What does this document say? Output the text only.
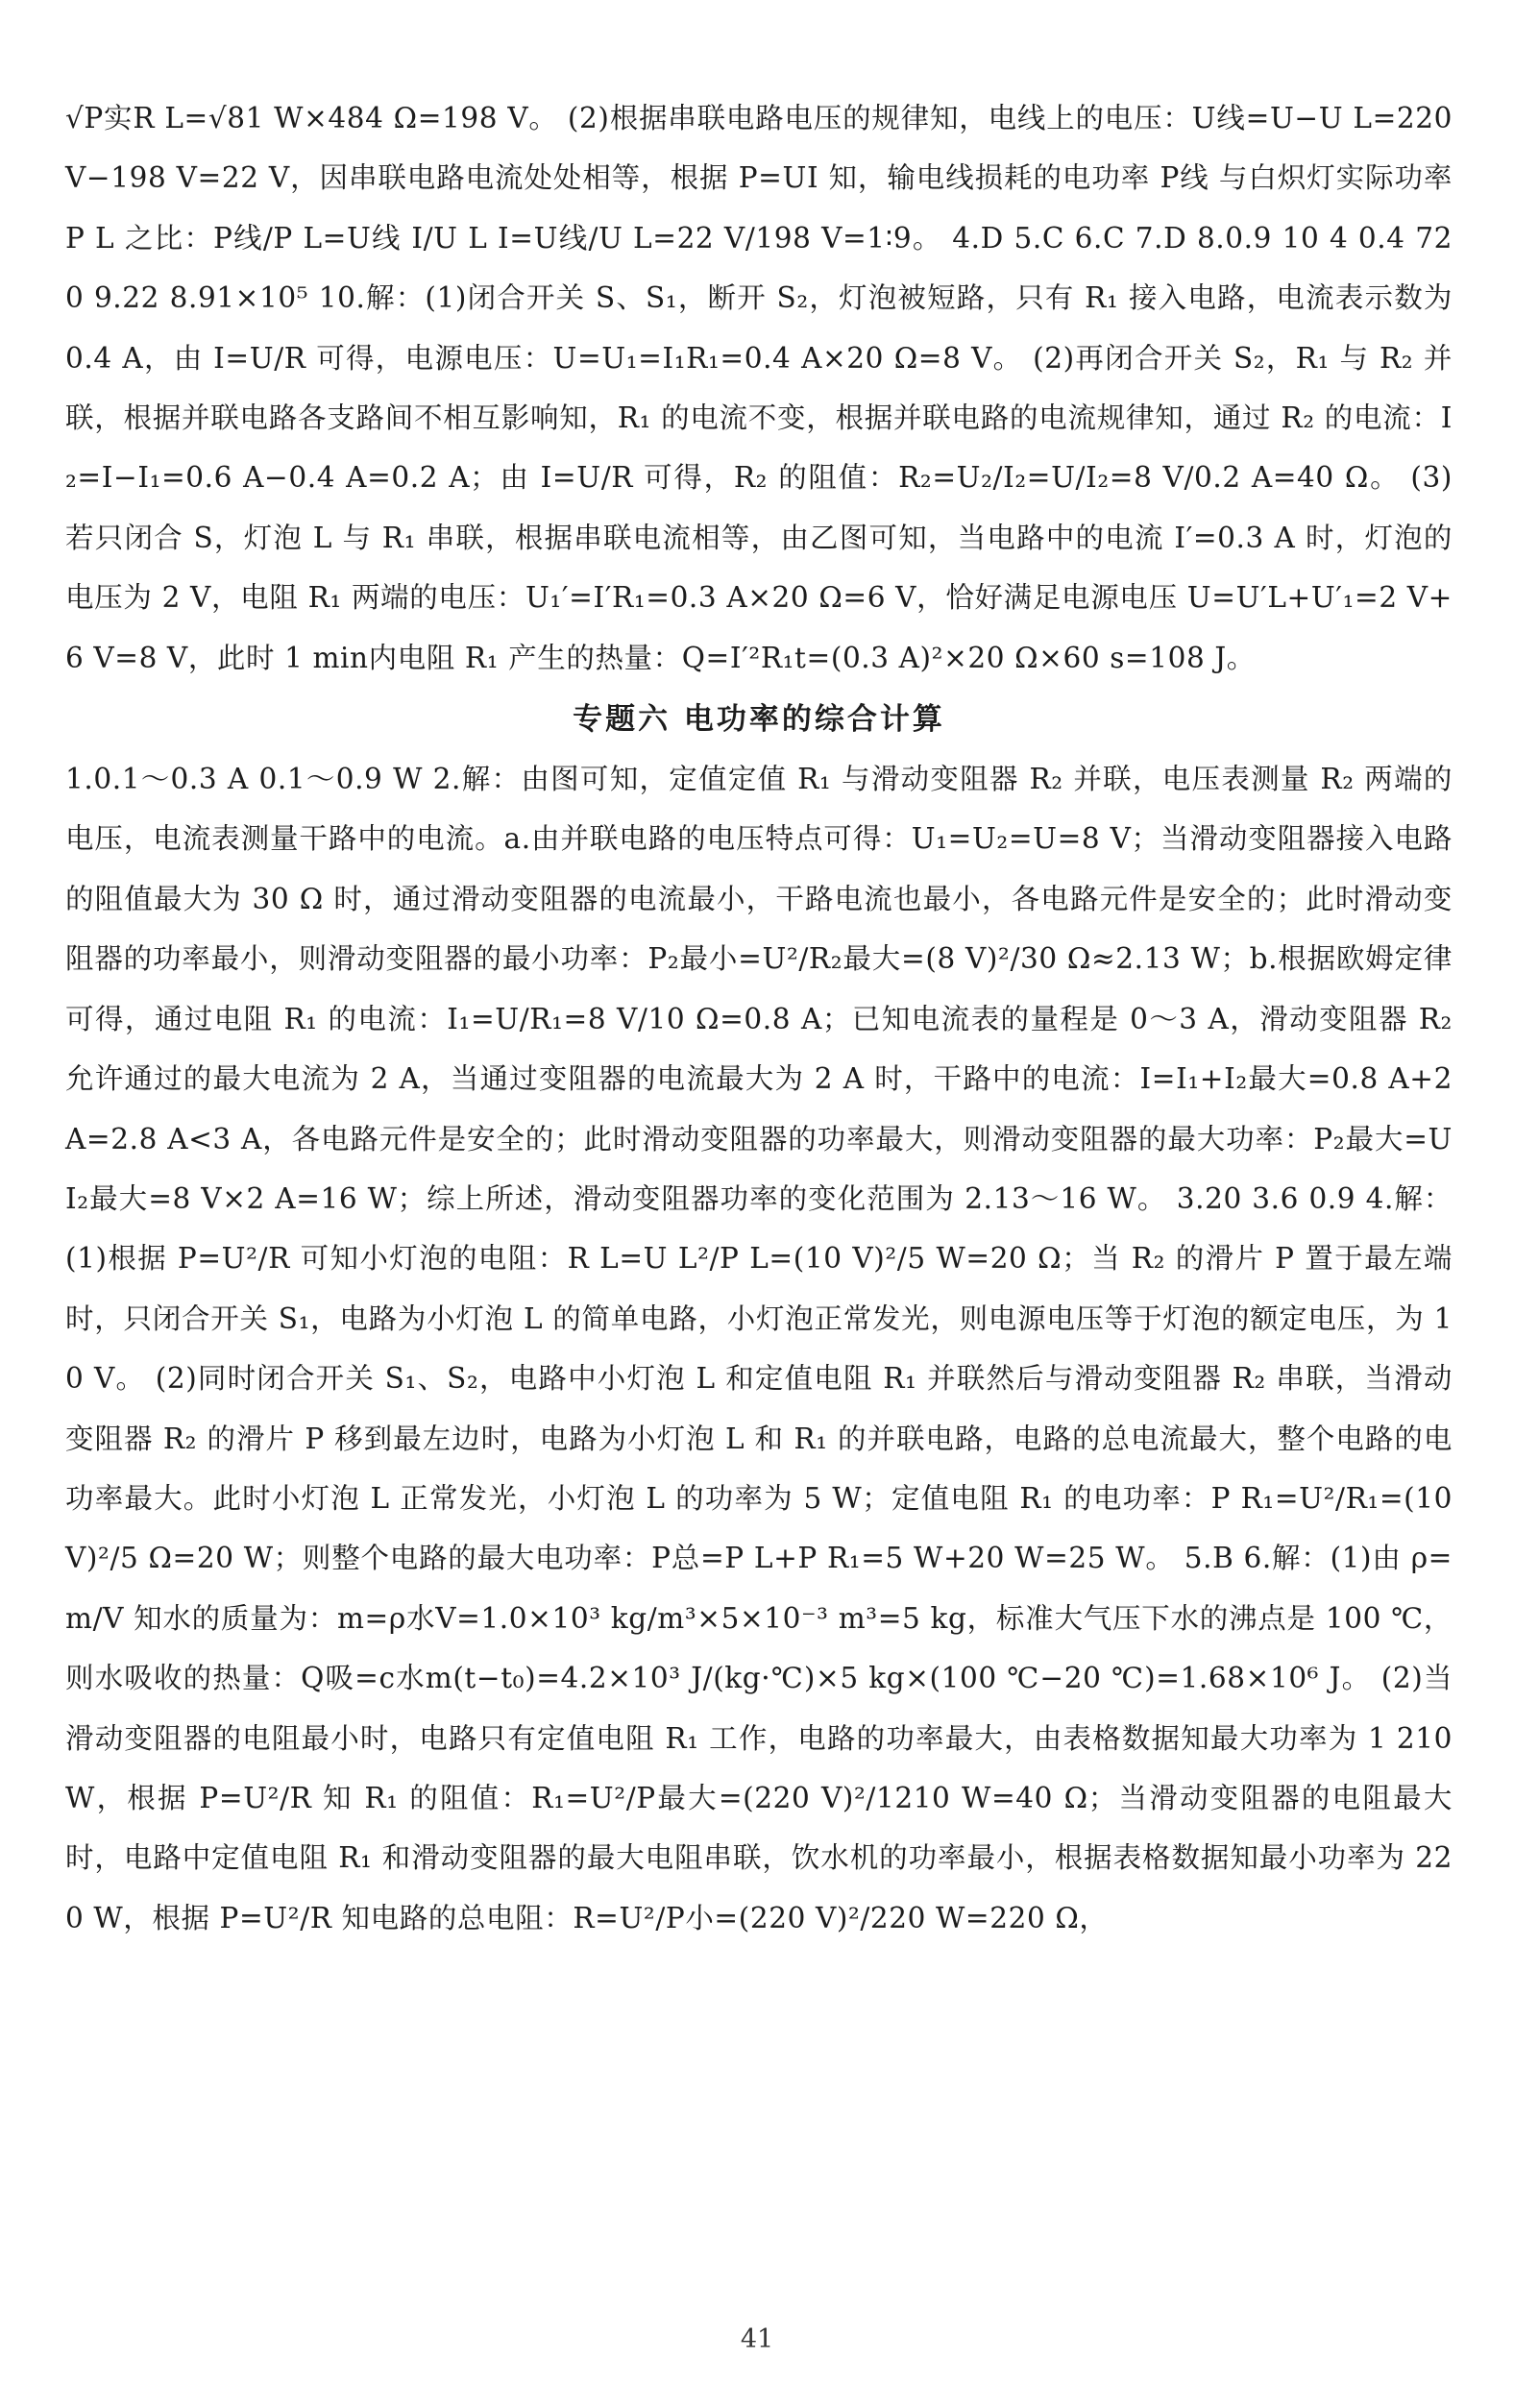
√P实R L=√81 W×484 Ω=198 V。 (2)根据串联电路电压的规律知，电线上的电压：U线=U−U L=220 V−198 V=22 V，因串联电路电流处处相等，根据 P=UI 知，输电线损耗的电功率 P线 与白炽灯实际功率 P L 之比：P线/P L=U线 I/U L I=U线/U L=22 V/198 V=1∶9。 4.D 5.C 6.C 7.D 8.0.9 10 4 0.4 720 9.22 8.91×10⁵ 10.解：(1)闭合开关 S、S₁，断开 S₂，灯泡被短路，只有 R₁ 接入电路，电流表示数为 0.4 A，由 I=U/R 可得，电源电压：U=U₁=I₁R₁=0.4 A×20 Ω=8 V。 (2)再闭合开关 S₂，R₁ 与 R₂ 并联，根据并联电路各支路间不相互影响知，R₁ 的电流不变，根据并联电路的电流规律知，通过 R₂ 的电流：I₂=I−I₁=0.6 A−0.4 A=0.2 A；由 I=U/R 可得，R₂ 的阻值：R₂=U₂/I₂=U/I₂=8 V/0.2 A=40 Ω。 (3)若只闭合 S，灯泡 L 与 R₁ 串联，根据串联电流相等，由乙图可知，当电路中的电流 I′=0.3 A 时，灯泡的电压为 2 V，电阻 R₁ 两端的电压：U₁′=I′R₁=0.3 A×20 Ω=6 V，恰好满足电源电压 U=U′L+U′₁=2 V+6 V=8 V，此时 1 min内电阻 R₁ 产生的热量：Q=I′²R₁t=(0.3 A)²×20 Ω×60 s=108 J。

专题六 电功率的综合计算

1.0.1～0.3 A 0.1～0.9 W 2.解：由图可知，定值定值 R₁ 与滑动变阻器 R₂ 并联，电压表测量 R₂ 两端的电压，电流表测量干路中的电流。a.由并联电路的电压特点可得：U₁=U₂=U=8 V；当滑动变阻器接入电路的阻值最大为 30 Ω 时，通过滑动变阻器的电流最小，干路电流也最小，各电路元件是安全的；此时滑动变阻器的功率最小，则滑动变阻器的最小功率：P₂最小=U²/R₂最大=(8 V)²/30 Ω≈2.13 W；b.根据欧姆定律可得，通过电阻 R₁ 的电流：I₁=U/R₁=8 V/10 Ω=0.8 A；已知电流表的量程是 0～3 A，滑动变阻器 R₂ 允许通过的最大电流为 2 A，当通过变阻器的电流最大为 2 A 时，干路中的电流：I=I₁+I₂最大=0.8 A+2 A=2.8 A<3 A，各电路元件是安全的；此时滑动变阻器的功率最大，则滑动变阻器的最大功率：P₂最大=UI₂最大=8 V×2 A=16 W；综上所述，滑动变阻器功率的变化范围为 2.13～16 W。 3.20 3.6 0.9 4.解：(1)根据 P=U²/R 可知小灯泡的电阻：R L=U L²/P L=(10 V)²/5 W=20 Ω；当 R₂ 的滑片 P 置于最左端时，只闭合开关 S₁，电路为小灯泡 L 的简单电路，小灯泡正常发光，则电源电压等于灯泡的额定电压，为 10 V。 (2)同时闭合开关 S₁、S₂，电路中小灯泡 L 和定值电阻 R₁ 并联然后与滑动变阻器 R₂ 串联，当滑动变阻器 R₂ 的滑片 P 移到最左边时，电路为小灯泡 L 和 R₁ 的并联电路，电路的总电流最大，整个电路的电功率最大。此时小灯泡 L 正常发光，小灯泡 L 的功率为 5 W；定值电阻 R₁ 的电功率：P R₁=U²/R₁=(10 V)²/5 Ω=20 W；则整个电路的最大电功率：P总=P L+P R₁=5 W+20 W=25 W。 5.B 6.解：(1)由 ρ=m/V 知水的质量为：m=ρ水V=1.0×10³ kg/m³×5×10⁻³ m³=5 kg，标准大气压下水的沸点是 100 ℃，则水吸收的热量：Q吸=c水m(t−t₀)=4.2×10³ J/(kg·℃)×5 kg×(100 ℃−20 ℃)=1.68×10⁶ J。 (2)当滑动变阻器的电阻最小时，电路只有定值电阻 R₁ 工作，电路的功率最大，由表格数据知最大功率为 1 210 W，根据 P=U²/R 知 R₁ 的阻值：R₁=U²/P最大=(220 V)²/1210 W=40 Ω；当滑动变阻器的电阻最大时，电路中定值电阻 R₁ 和滑动变阻器的最大电阻串联，饮水机的功率最小，根据表格数据知最小功率为 220 W，根据 P=U²/R 知电路的总电阻：R=U²/P小=(220 V)²/220 W=220 Ω，

41
